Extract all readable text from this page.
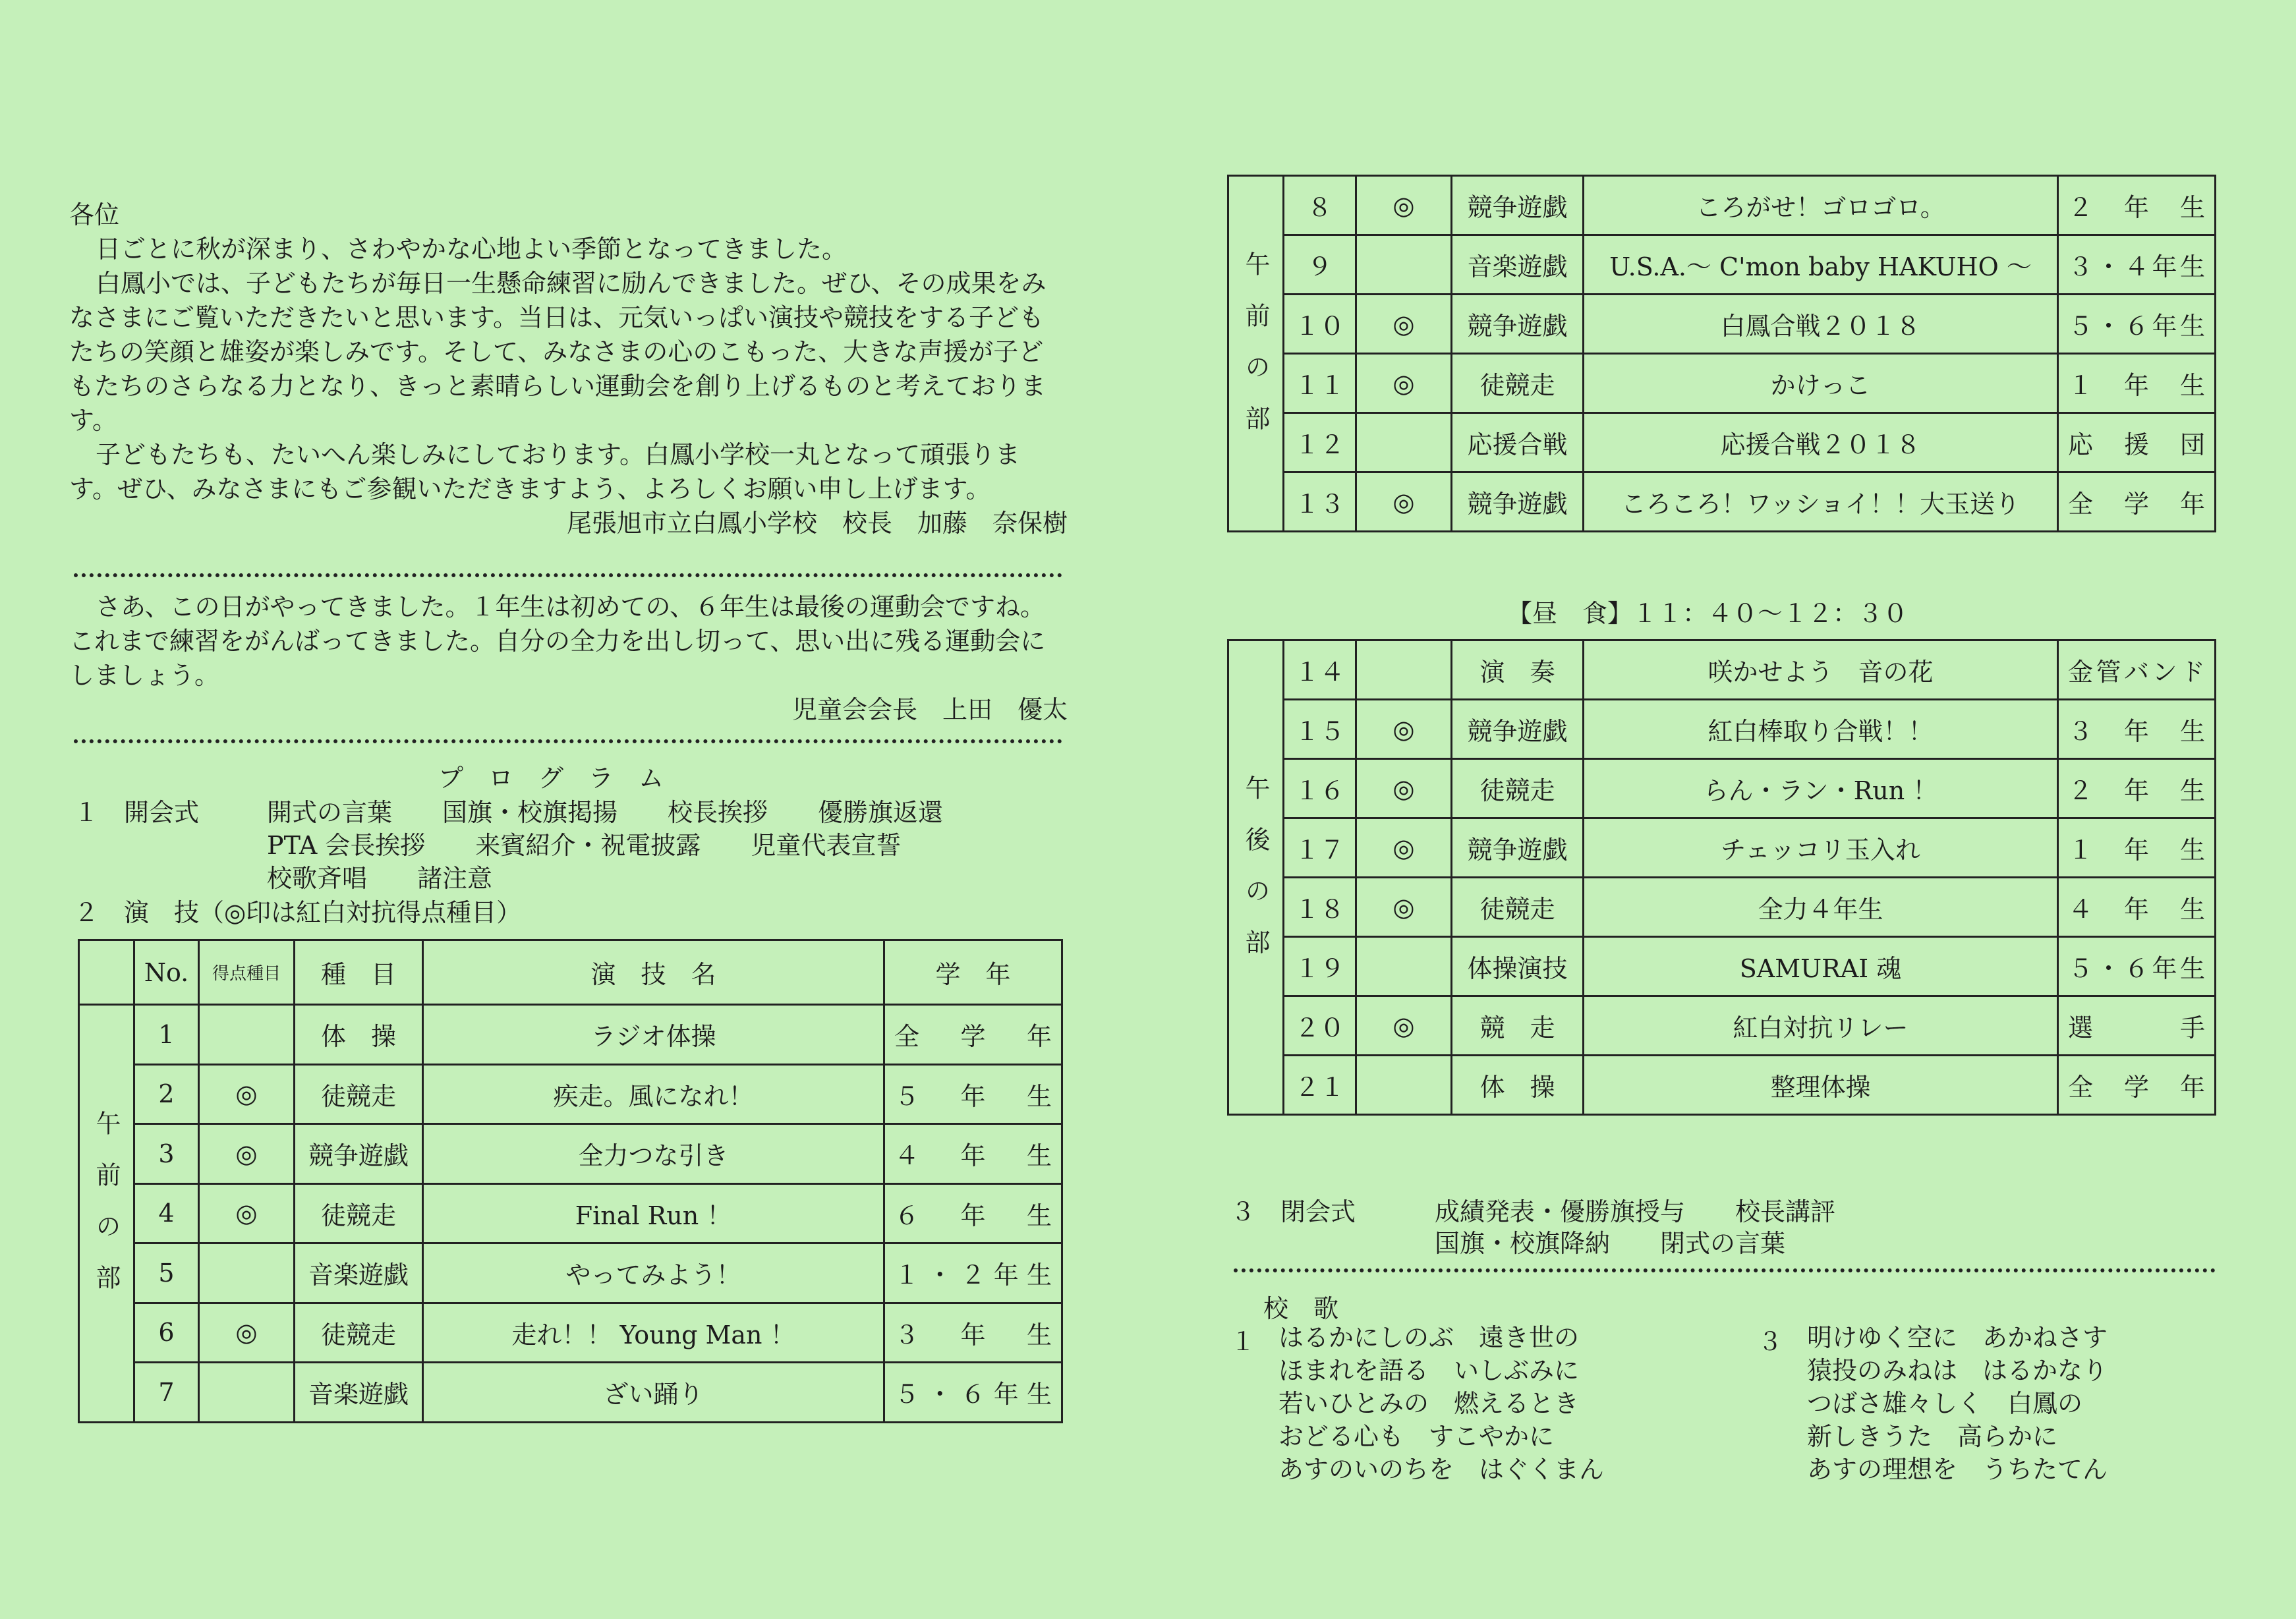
各位

日ごとに秋が深まり、さわやかな心地よい季節となってきました。

白鳳小では、子どもたちが毎日一生懸命練習に励んできました。ぜひ、その成果をみなさまにご覧いただきたいと思います。当日は、元気いっぱい演技や競技をする子どもたちの笑顔と雄姿が楽しみです。そして、みなさまの心のこもった、大きな声援が子どもたちのさらなる力となり、きっと素晴らしい運動会を創り上げるものと考えております。

子どもたちも、たいへん楽しみにしております。白鳳小学校一丸となって頑張ります。ぜひ、みなさまにもご参観いただきますよう、よろしくお願い申し上げます。

尾張旭市立白鳳小学校　校長　加藤　奈保樹

さあ、この日がやってきました。１年生は初めての、６年生は最後の運動会ですね。これまで練習をがんばってきました。自分の全力を出し切って、思い出に残る運動会にしましょう。

児童会会長　上田　優太
プ　ロ　グ　ラ　ム
１　開会式	開式の言葉　　国旗・校旗掲揚　　校長挨拶　　優勝旗返還
PTA 会長挨拶　　来賓紹介・祝電披露　　児童代表宣誓
校歌斉唱　　諸注意
２　演　技（◎印は紅白対抗得点種目）
	No.	得点種目	種　目	演　技　名	学　年
午前の部	1		体　操	ラジオ体操	全学年
	2	◎	徒競走	疾走。風になれ！	５年生
	3	◎	競争遊戯	全力つな引き	４年生
	4	◎	徒競走	Final Run ！	６年生
	5		音楽遊戯	やってみよう！	１・２年生
	6	◎	徒競走	走れ！！ Young Man ！	３年生
	7		音楽遊戯	ざい踊り	５・６年生
午前の部	８	◎	競争遊戯	ころがせ！ゴロゴロ。	２年生
	９		音楽遊戯	U.S.A.～ C'mon baby HAKUHO ～	３・４年生
	１０	◎	競争遊戯	白鳳合戦２０１８	５・６年生
	１１	◎	徒競走	かけっこ	１年生
	１２		応援合戦	応援合戦２０１８	応援団
	１３	◎	競争遊戯	ころころ！ワッショイ！！大玉送り	全学年
【昼　食】１１：４０～１２：３０
午後の部	１４		演　奏	咲かせよう　音の花	金管バンド
	１５	◎	競争遊戯	紅白棒取り合戦！！	３年生
	１６	◎	徒競走	らん・ラン・Run ！	２年生
	１７	◎	競争遊戯	チェッコリ玉入れ	１年生
	１８	◎	徒競走	全力４年生	４年生
	１９		体操演技	SAMURAI 魂	５・６年生
	２０	◎	競　走	紅白対抗リレー	選　手
	２１		体　操	整理体操	全学年
３　閉会式	成績発表・優勝旗授与　　校長講評
国旗・校旗降納　　閉式の言葉
校　歌
１ はるかにしのぶ　遠き世の
ほまれを語る　いしぶみに
若いひとみの　燃えるとき
おどる心も　すこやかに
あすのいのちを　はぐくまん
３ 明けゆく空に　あかねさす
猿投のみねは　はるかなり
つばさ雄々しく　白鳳の
新しきうた　高らかに
あすの理想を　うちたてん
